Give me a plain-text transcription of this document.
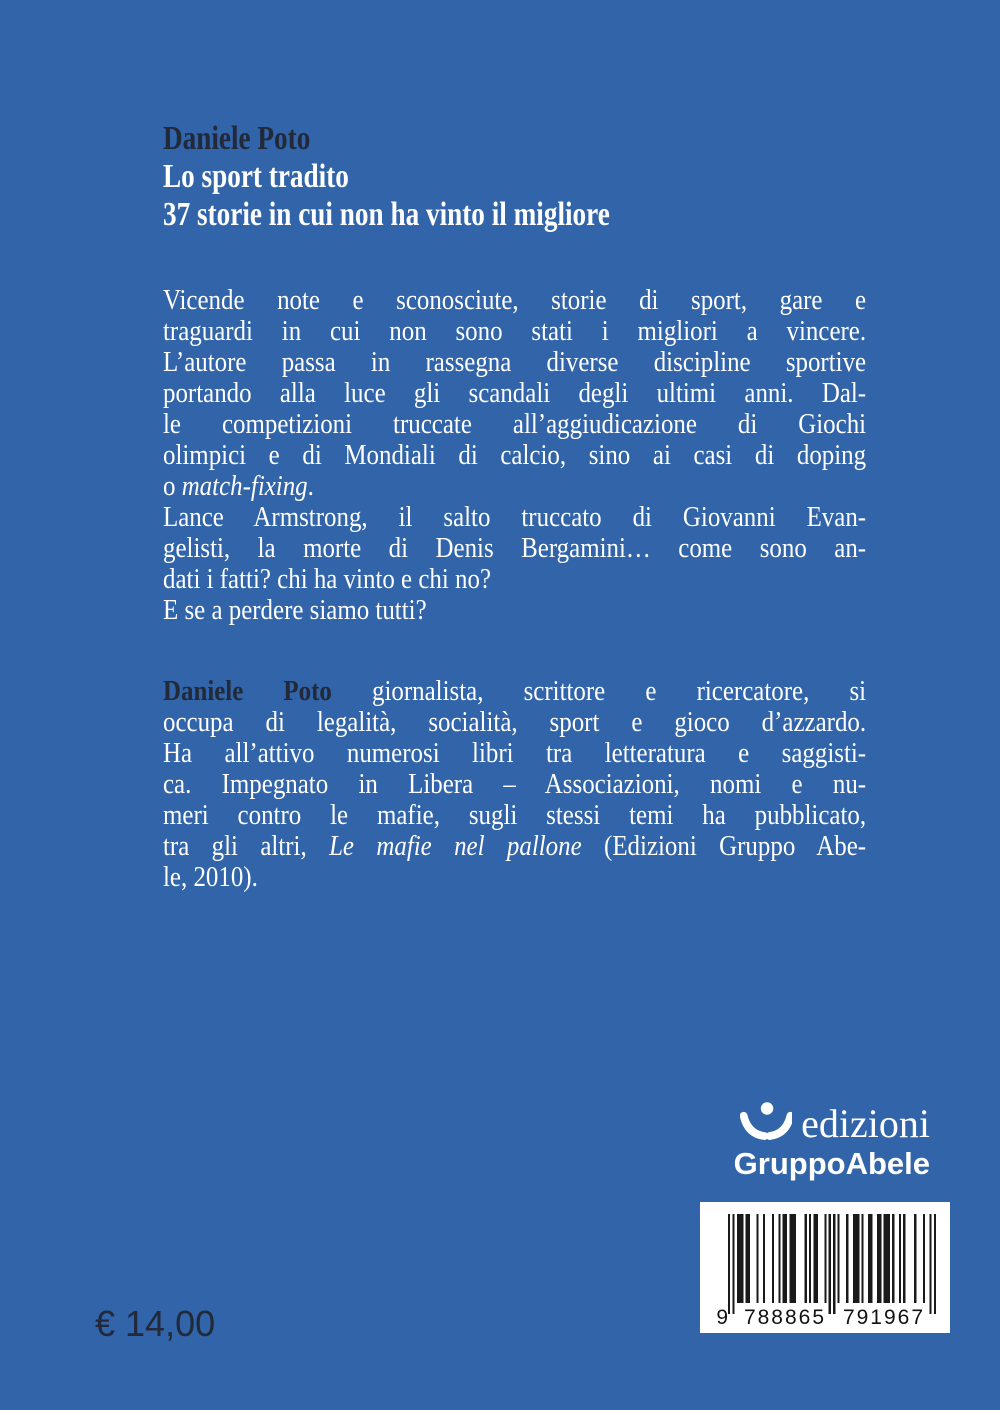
Daniele Poto
Lo sport tradito
37 storie in cui non ha vinto il migliore
Vicende note e sconosciute, storie di sport, gare e
traguardi in cui non sono stati i migliori a vincere.
L’autore passa in rassegna diverse discipline sportive
portando alla luce gli scandali degli ultimi anni. Dal-
le competizioni truccate all’aggiudicazione di Giochi
olimpici e di Mondiali di calcio, sino ai casi di doping
o match-fixing.
Lance Armstrong, il salto truccato di Giovanni Evan-
gelisti, la morte di Denis Bergamini… come sono an-
dati i fatti? chi ha vinto e chi no?
E se a perdere siamo tutti?
Daniele Poto giornalista, scrittore e ricercatore, si
occupa di legalità, socialità, sport e gioco d’azzardo.
Ha all’attivo numerosi libri tra letteratura e saggisti-
ca. Impegnato in Libera – Associazioni, nomi e nu-
meri contro le mafie, sugli stessi temi ha pubblicato,
tra gli altri, Le mafie nel pallone (Edizioni Gruppo Abe-
le, 2010).
edizioni
GruppoAbele
9 788865 791967
€ 14,00
